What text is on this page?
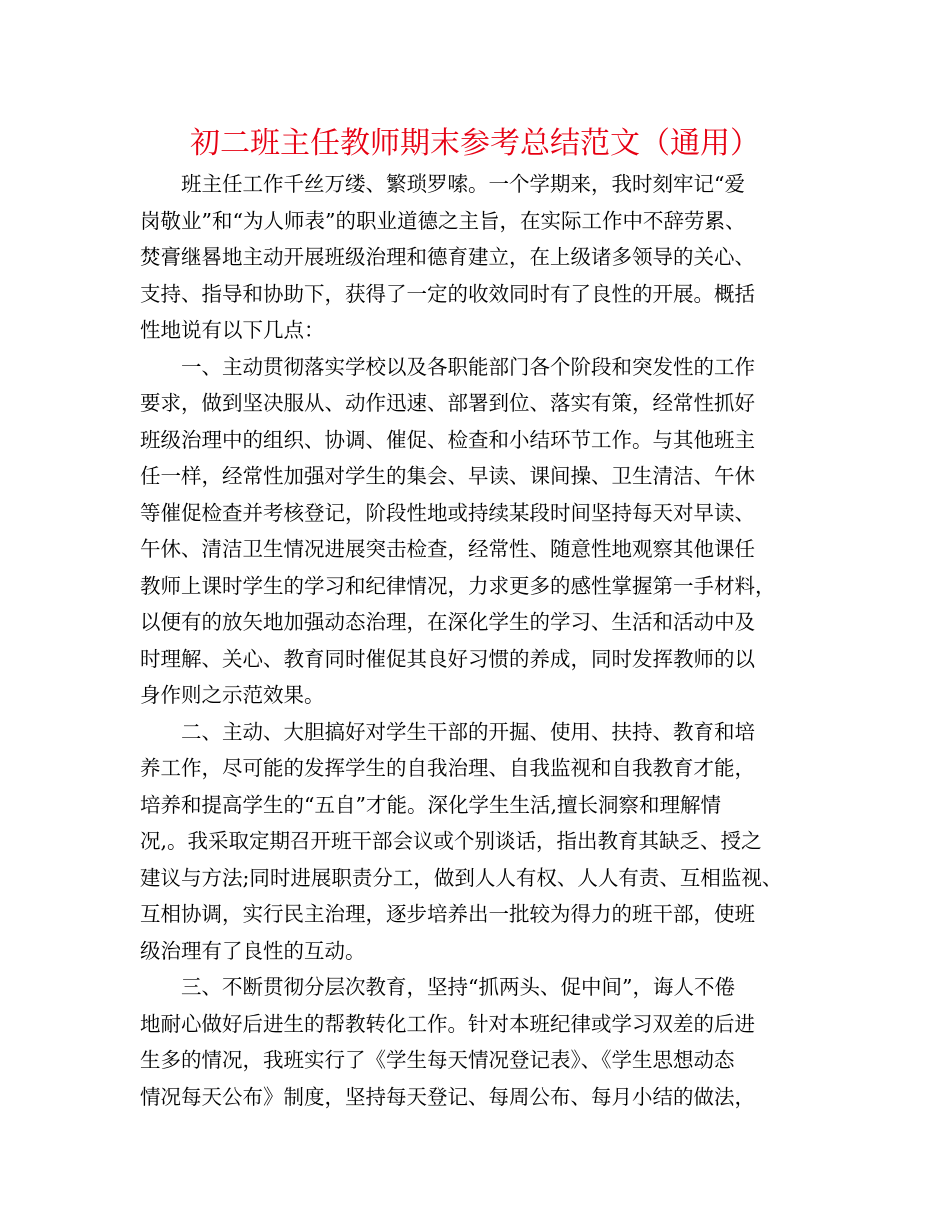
初二班主任教师期末参考总结范文（通用）
班主任工作千丝万缕、繁琐罗嗦。一个学期来，我时刻牢记“爱
岗敬业”和“为人师表”的职业道德之主旨，在实际工作中不辞劳累、
焚膏继晷地主动开展班级治理和德育建立，在上级诸多领导的关心、
支持、指导和协助下，获得了一定的收效同时有了良性的开展。概括
性地说有以下几点：
一、主动贯彻落实学校以及各职能部门各个阶段和突发性的工作
要求，做到坚决服从、动作迅速、部署到位、落实有策，经常性抓好
班级治理中的组织、协调、催促、检查和小结环节工作。与其他班主
任一样，经常性加强对学生的集会、早读、课间操、卫生清洁、午休
等催促检查并考核登记，阶段性地或持续某段时间坚持每天对早读、
午休、清洁卫生情况进展突击检查，经常性、随意性地观察其他课任
教师上课时学生的学习和纪律情况，力求更多的感性掌握第一手材料，
以便有的放矢地加强动态治理，在深化学生的学习、生活和活动中及
时理解、关心、教育同时催促其良好习惯的养成，同时发挥教师的以
身作则之示范效果。
二、主动、大胆搞好对学生干部的开掘、使用、扶持、教育和培
养工作，尽可能的发挥学生的自我治理、自我监视和自我教育才能，
培养和提高学生的“五自”才能。深化学生生活,擅长洞察和理解情
况,。我采取定期召开班干部会议或个别谈话，指出教育其缺乏、授之
建议与方法;同时进展职责分工，做到人人有权、人人有责、互相监视、
互相协调，实行民主治理，逐步培养出一批较为得力的班干部，使班
级治理有了良性的互动。
三、不断贯彻分层次教育，坚持“抓两头、促中间”，诲人不倦
地耐心做好后进生的帮教转化工作。针对本班纪律或学习双差的后进
生多的情况，我班实行了《学生每天情况登记表》、《学生思想动态
情况每天公布》制度，坚持每天登记、每周公布、每月小结的做法，
